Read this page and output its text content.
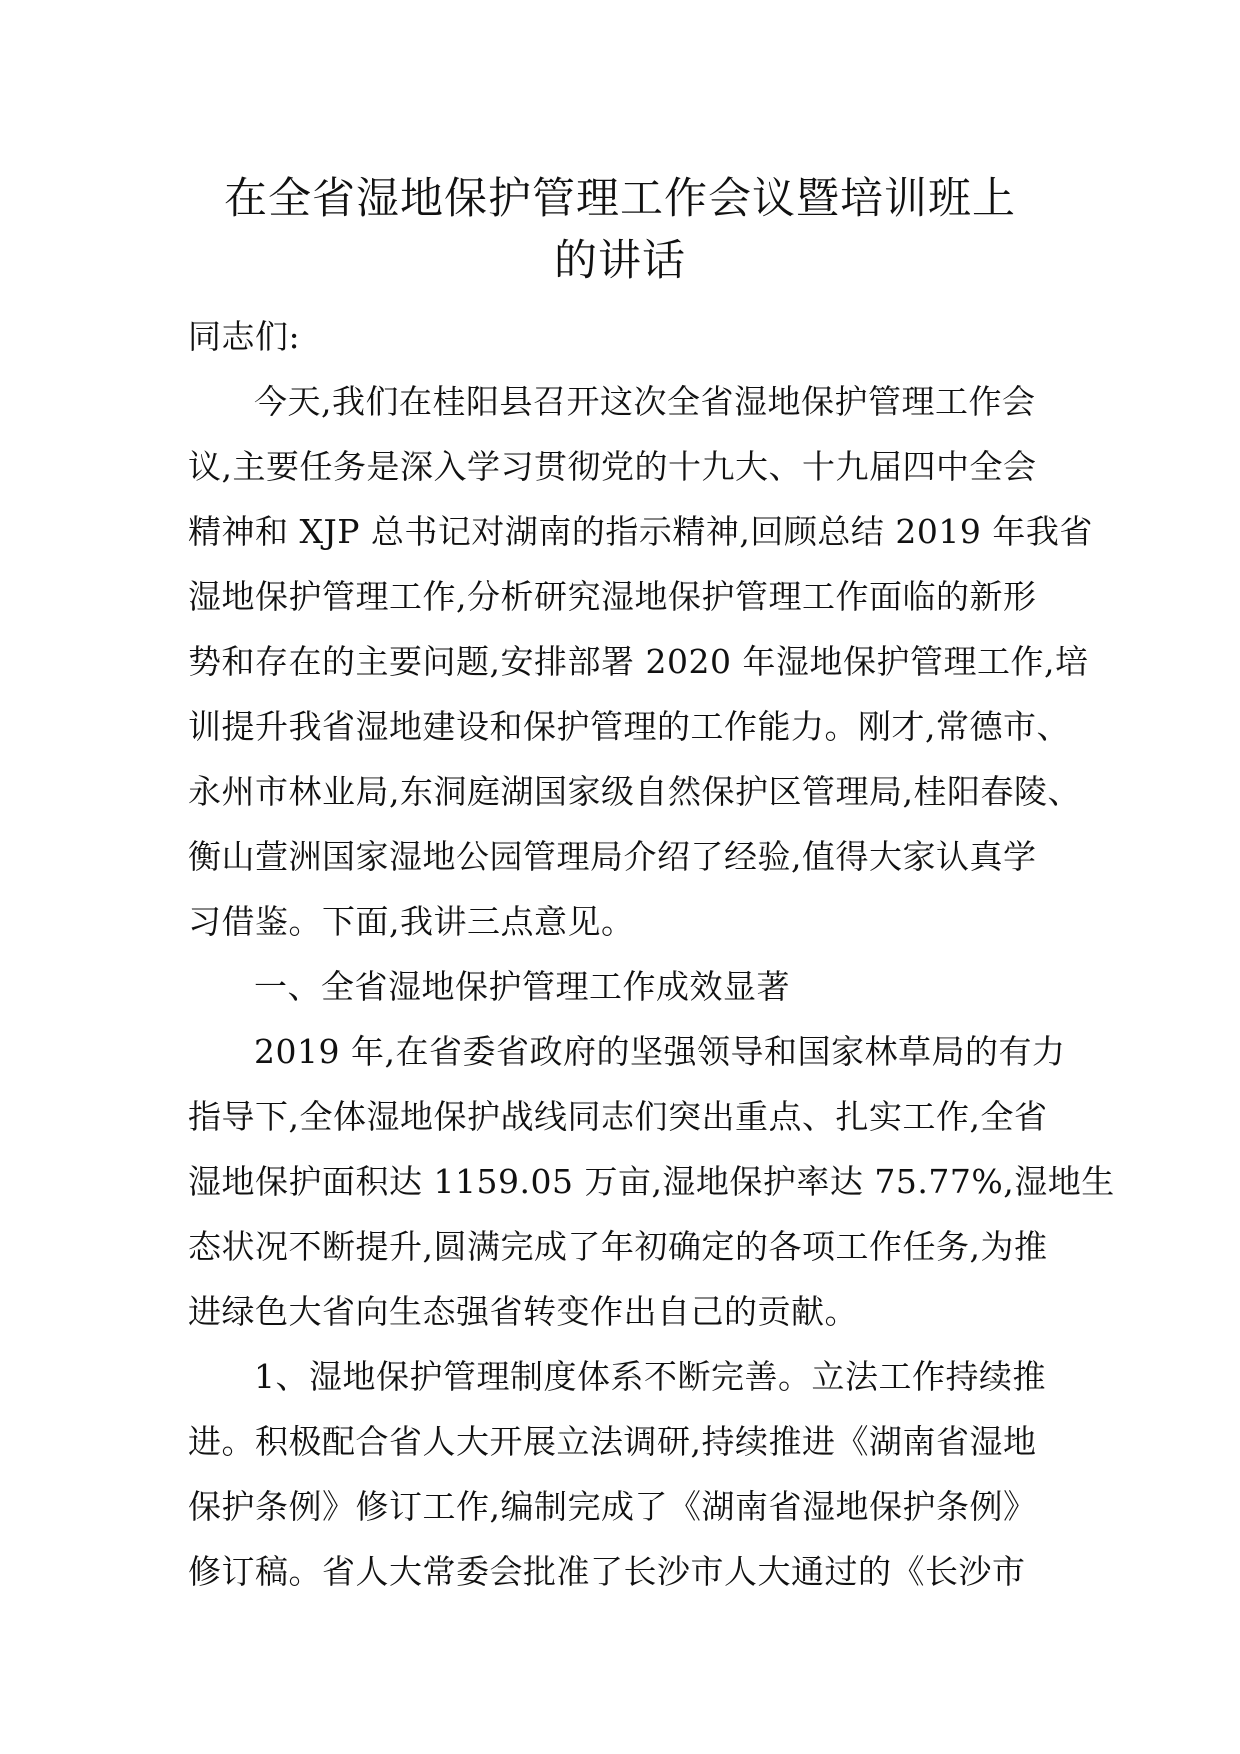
在全省湿地保护管理工作会议暨培训班上
的讲话
同志们:
今天,我们在桂阳县召开这次全省湿地保护管理工作会
议,主要任务是深入学习贯彻党的十九大、十九届四中全会
精神和 XJP 总书记对湖南的指示精神,回顾总结 2019 年我省
湿地保护管理工作,分析研究湿地保护管理工作面临的新形
势和存在的主要问题,安排部署 2020 年湿地保护管理工作,培
训提升我省湿地建设和保护管理的工作能力。刚才,常德市、
永州市林业局,东洞庭湖国家级自然保护区管理局,桂阳春陵、
衡山萱洲国家湿地公园管理局介绍了经验,值得大家认真学
习借鉴。下面,我讲三点意见。
一、全省湿地保护管理工作成效显著
2019 年,在省委省政府的坚强领导和国家林草局的有力
指导下,全体湿地保护战线同志们突出重点、扎实工作,全省
湿地保护面积达 1159.05 万亩,湿地保护率达 75.77%,湿地生
态状况不断提升,圆满完成了年初确定的各项工作任务,为推
进绿色大省向生态强省转变作出自己的贡献。
1、湿地保护管理制度体系不断完善。立法工作持续推
进。积极配合省人大开展立法调研,持续推进《湖南省湿地
保护条例》修订工作,编制完成了《湖南省湿地保护条例》
修订稿。省人大常委会批准了长沙市人大通过的《长沙市
